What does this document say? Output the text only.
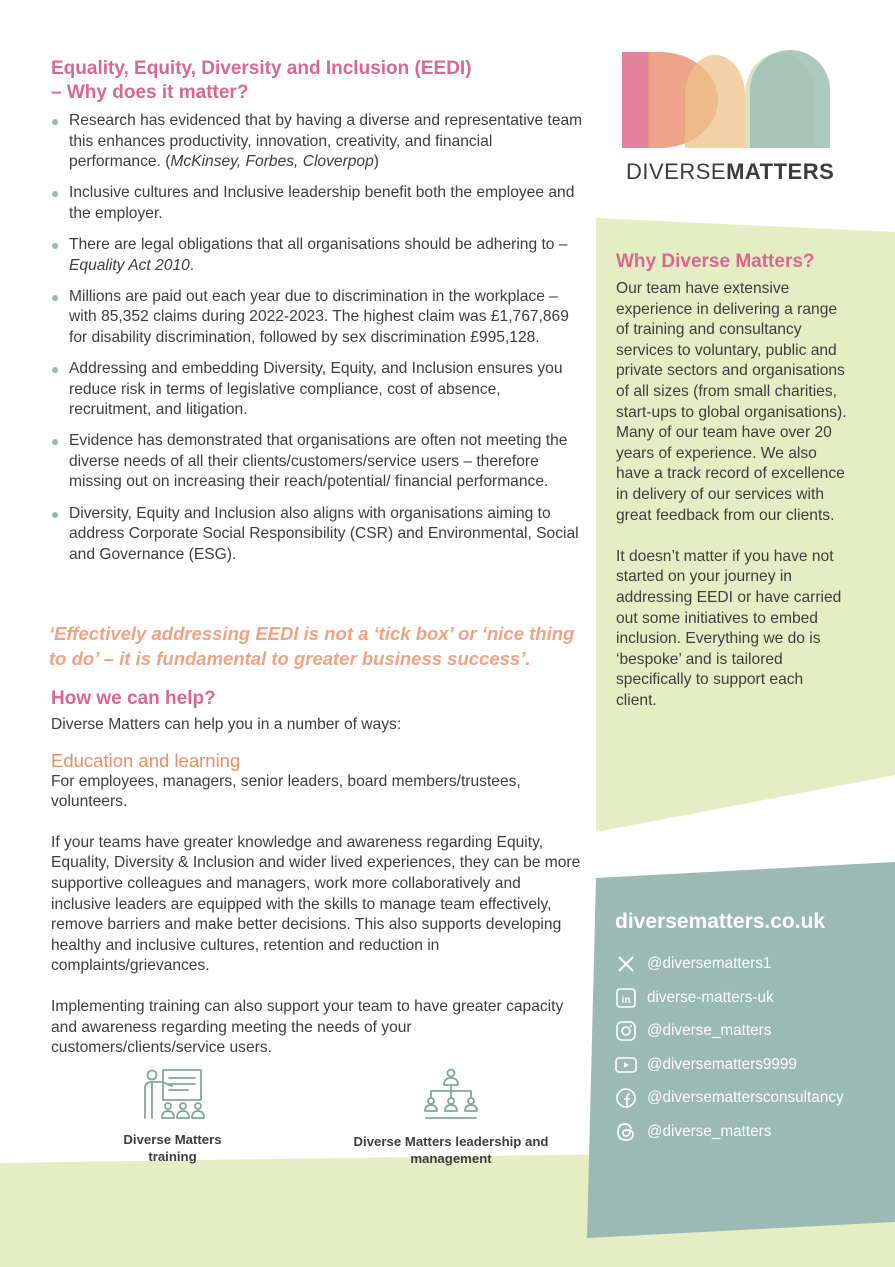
DIVERSEMATTERS
Equality, Equity, Diversity and Inclusion (EEDI)
– Why does it matter?
Research has evidenced that by having a diverse and representative team this enhances productivity, innovation, creativity, and financial performance. (McKinsey, Forbes, Cloverpop)
Inclusive cultures and Inclusive leadership benefit both the employee and the employer.
There are legal obligations that all organisations should be adhering to – Equality Act 2010.
Millions are paid out each year due to discrimination in the workplace – with 85,352 claims during 2022-2023. The highest claim was £1,767,869 for disability discrimination, followed by sex discrimination £995,128.
Addressing and embedding Diversity, Equity, and Inclusion ensures you reduce risk in terms of legislative compliance, cost of absence, recruitment, and litigation.
Evidence has demonstrated that organisations are often not meeting the diverse needs of all their clients/customers/service users – therefore missing out on increasing their reach/potential/ financial performance.
Diversity, Equity and Inclusion also aligns with organisations aiming to address Corporate Social Responsibility (CSR) and Environmental, Social and Governance (ESG).
‘Effectively addressing EEDI is not a ‘tick box’ or ‘nice thing
to do’ – it is fundamental to greater business success’.
How we can help?

Diverse Matters can help you in a number of ways:

Education and learning

For employees, managers, senior leaders, board members/trustees, volunteers.

If your teams have greater knowledge and awareness regarding Equity, Equality, Diversity & Inclusion and wider lived experiences, they can be more supportive colleagues and managers, work more collaboratively and inclusive leaders are equipped with the skills to manage team effectively, remove barriers and make better decisions. This also supports developing healthy and inclusive cultures, retention and reduction in complaints/grievances.

Implementing training can also support your team to have greater capacity and awareness regarding meeting the needs of your customers/clients/service users.

Diverse Matters training
Diverse Matters leadership and management
Why Diverse Matters?

Our team have extensive experience in delivering a range of training and consultancy services to voluntary, public and private sectors and organisations of all sizes (from small charities, start-ups to global organisations). Many of our team have over 20 years of experience. We also have a track record of excellence in delivery of our services with great feedback from our clients.

It doesn’t matter if you have not started on your journey in addressing EEDI or have carried out some initiatives to embed inclusion. Everything we do is ‘bespoke’ and is tailored specifically to support each client.

diversematters.co.uk
@diversematters1
in diverse-matters-uk
@diverse_matters
@diversematters9999
@diversemattersconsultancy
@diverse_matters
